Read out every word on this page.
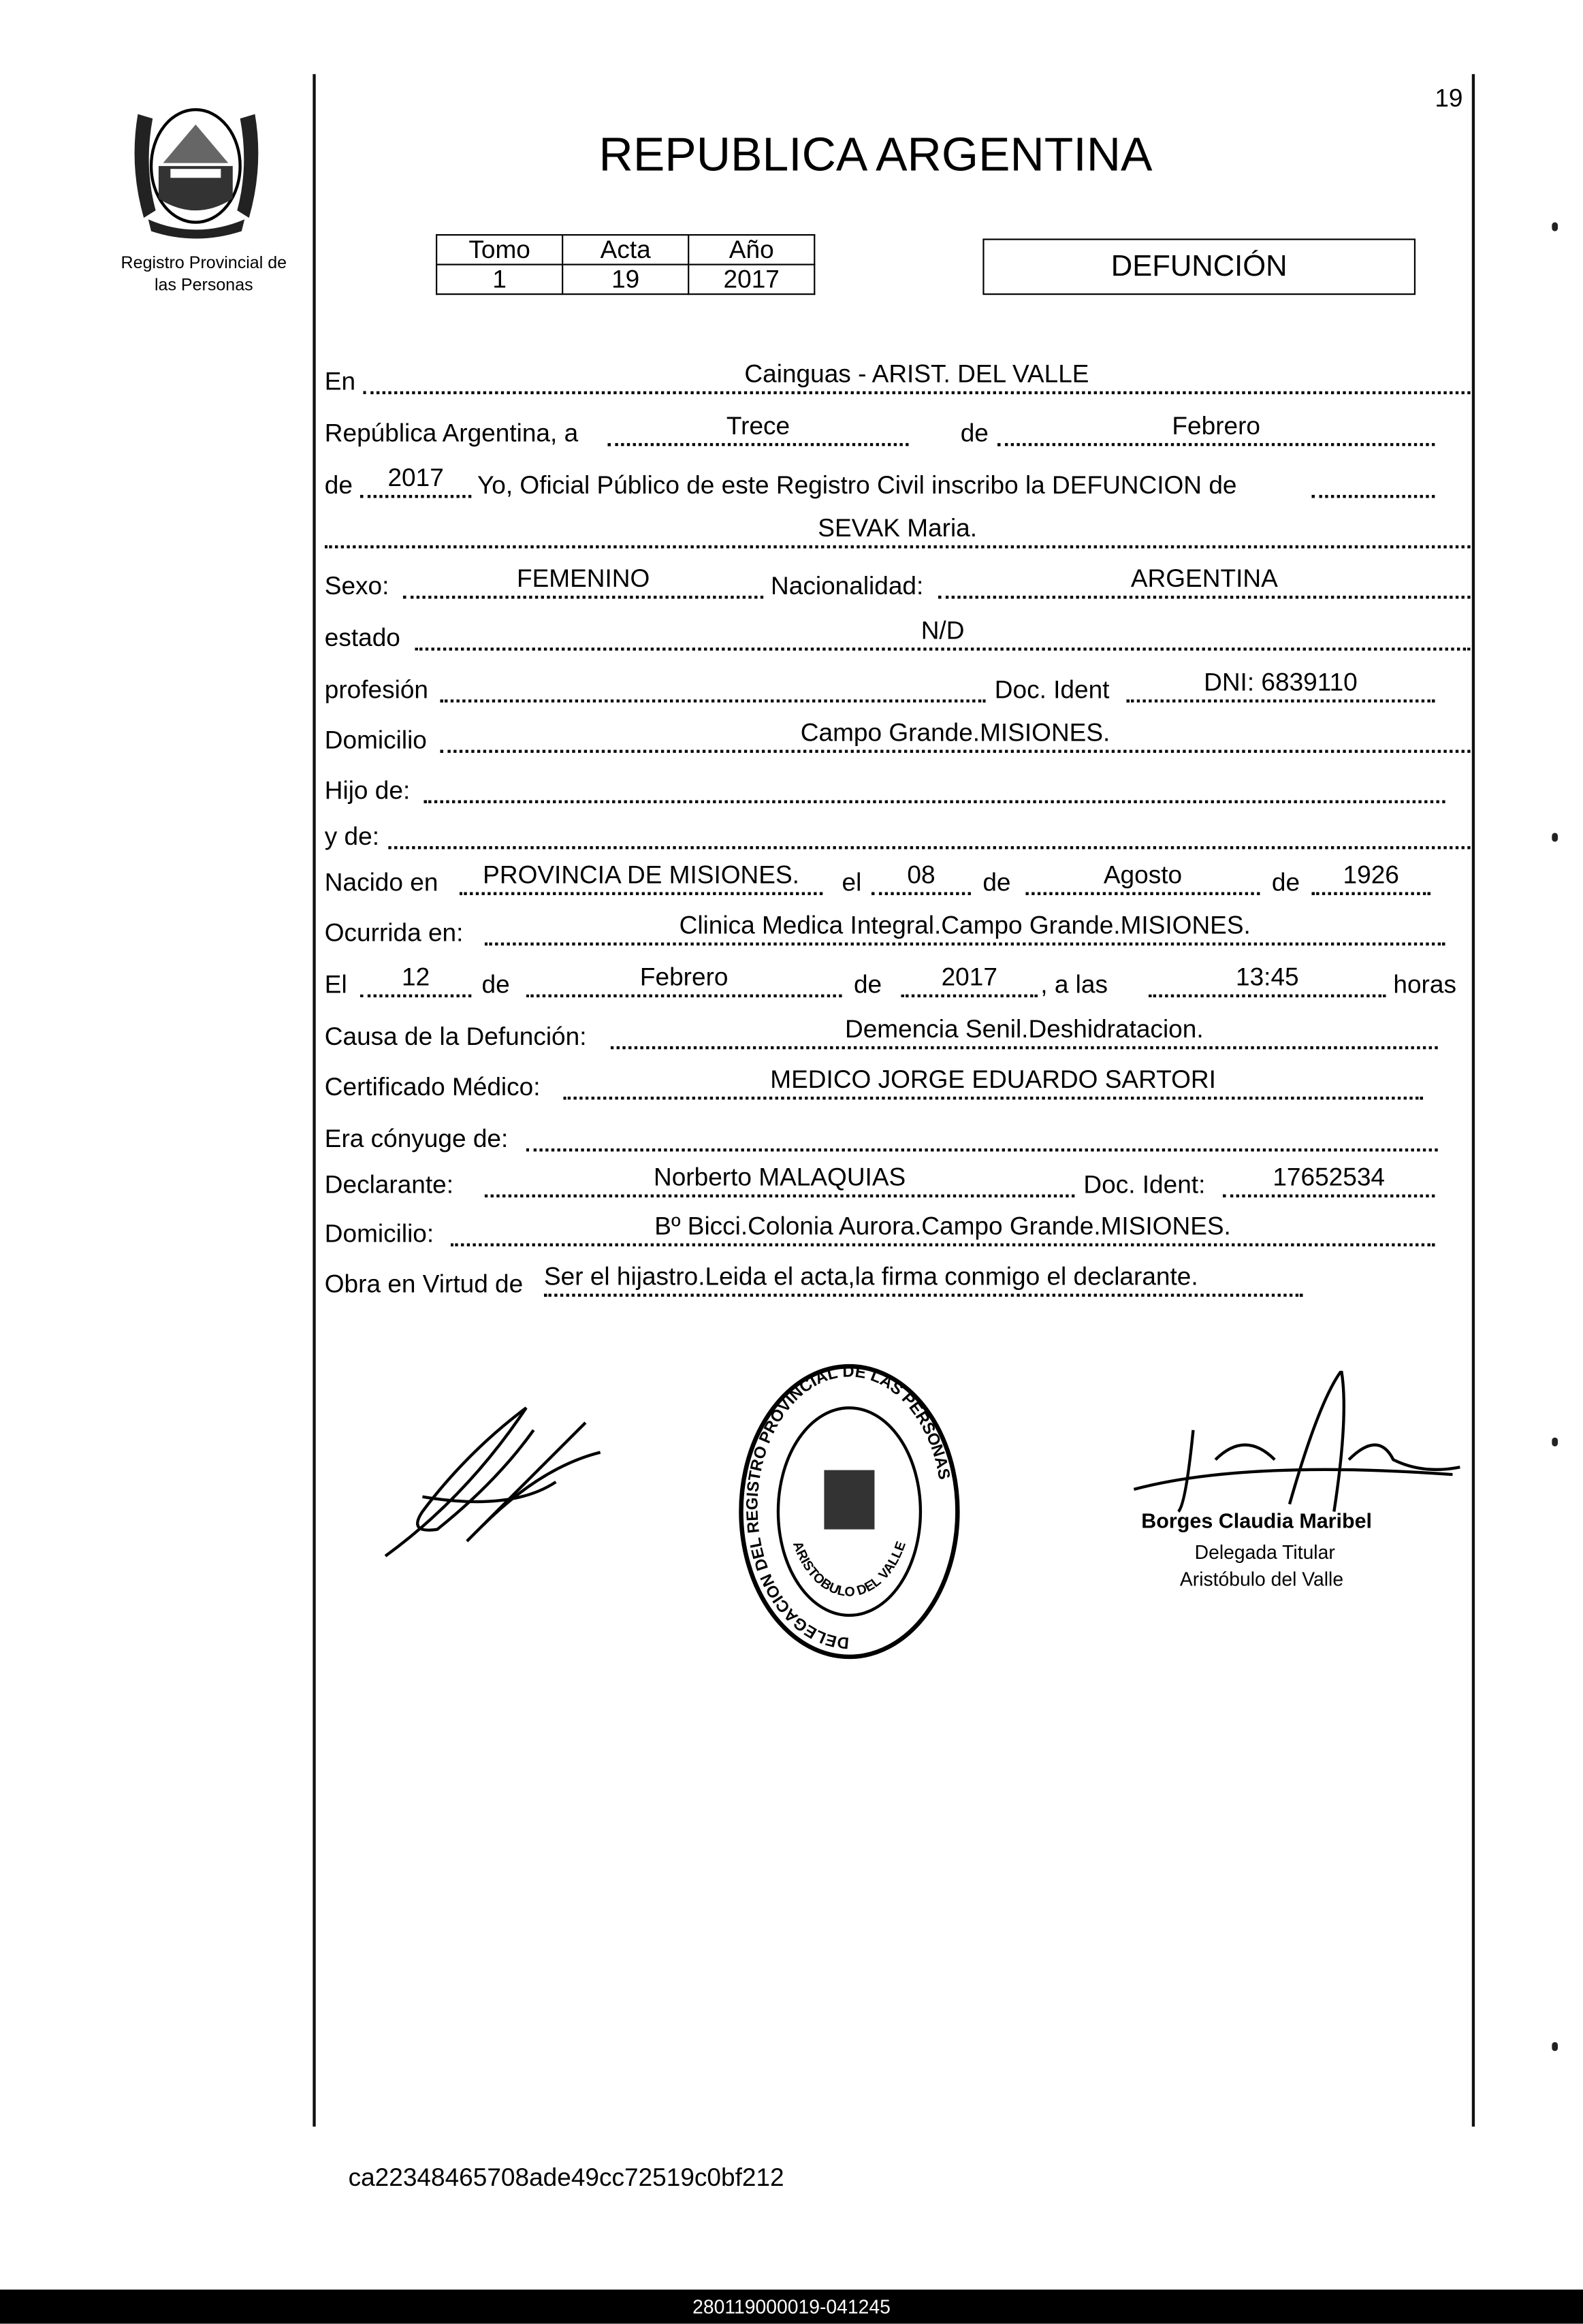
19
Registro Provincial de
las Personas
REPUBLICA ARGENTINA
Tomo	Acta	Año
1	19	2017	DEFUNCIÓN
En	Cainguas - ARIST. DEL VALLE
República Argentina, a	Trece	de	Febrero
de	2017	Yo, Oficial Público de este Registro Civil inscribo la DEFUNCION de
SEVAK Maria.
Sexo:	FEMENINO	Nacionalidad:	ARGENTINA
estado	N/D
profesión	Doc. Ident	DNI: 6839110
Domicilio	Campo Grande.MISIONES.
Hijo de:
y de:
Nacido en	PROVINCIA DE MISIONES.	el	08	de	Agosto	de	1926
Ocurrida en:	Clinica Medica Integral.Campo Grande.MISIONES.
El	12	de	Febrero	de	2017	, a las	13:45	horas
Causa de la Defunción:	Demencia Senil.Deshidratacion.
Certificado Médico:	MEDICO JORGE EDUARDO SARTORI
Era cónyuge de:
Declarante:	Norberto MALAQUIAS	Doc. Ident:	17652534
Domicilio:	Bº Bicci.Colonia Aurora.Campo Grande.MISIONES.
Obra en Virtud de Ser el hijastro.Leida el acta,la firma conmigo el declarante.
DELEGACION DEL REGISTRO PROVINCIAL DE LAS PERSONAS
ARISTOBULO DEL VALLE
Borges Claudia Maribel
Delegada Titular
Aristóbulo del Valle
ca22348465708ade49cc72519c0bf212
280119000019-041245
